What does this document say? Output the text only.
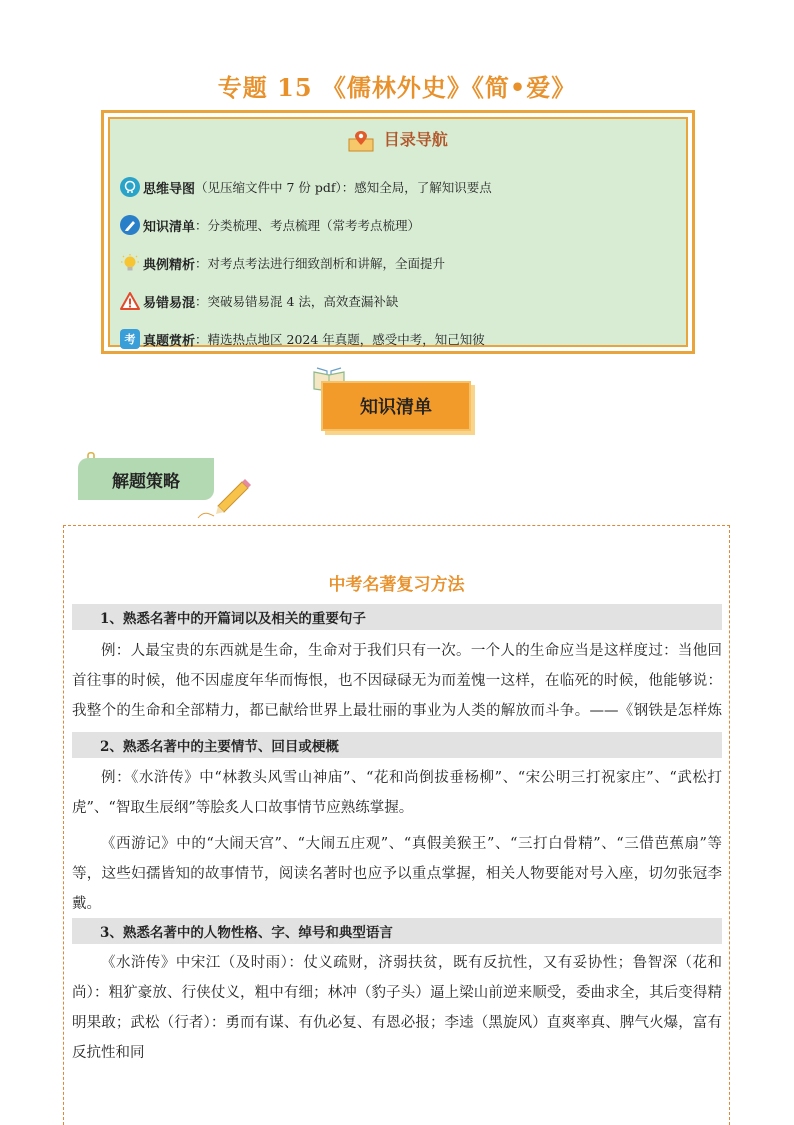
专题 15 《儒林外史》《简•爱》
目录导航
思维导图 （见压缩文件中 7 份 pdf）：感知全局，了解知识要点
知识清单 ：分类梳理、考点梳理（常考考点梳理）
典例精析 ：对考点考法进行细致剖析和讲解，全面提升
易错易混 ：突破易错易混 4 法，高效查漏补缺
考 真题赏析 ：精选热点地区 2024 年真题，感受中考，知己知彼
知识清单
解题策略
中考名著复习方法
1、熟悉名著中的开篇词以及相关的重要句子

例：人最宝贵的东西就是生命，生命对于我们只有一次。一个人的生命应当是这样度过：当他回首往事的时候，他不因虚度年华而悔恨，也不因碌碌无为而羞愧一这样，在临死的时候，他能够说：我整个的生命和全部精力，都已献给世界上最壮丽的事业为人类的解放而斗争。——《钢铁是怎样炼

2、熟悉名著中的主要情节、回目或梗概

例：《水浒传》中“林教头风雪山神庙”、“花和尚倒拔垂杨柳”、“宋公明三打祝家庄”、“武松打虎”、“智取生辰纲”等脍炙人口故事情节应熟练掌握。

《西游记》中的“大闹天宫”、“大闹五庄观”、“真假美猴王”、“三打白骨精”、“三借芭蕉扇”等等，这些妇孺皆知的故事情节，阅读名著时也应予以重点掌握，相关人物要能对号入座，切勿张冠李戴。

3、熟悉名著中的人物性格、字、绰号和典型语言

《水浒传》中宋江（及时雨）：仗义疏财，济弱扶贫，既有反抗性，又有妥协性；鲁智深（花和尚）：粗犷豪放、行侠仗义，粗中有细；林冲（豹子头）逼上梁山前逆来顺受，委曲求全，其后变得精明果敢；武松（行者）：勇而有谋、有仇必复、有恩必报；李逵（黑旋风）直爽率真、脾气火爆，富有反抗性和同
